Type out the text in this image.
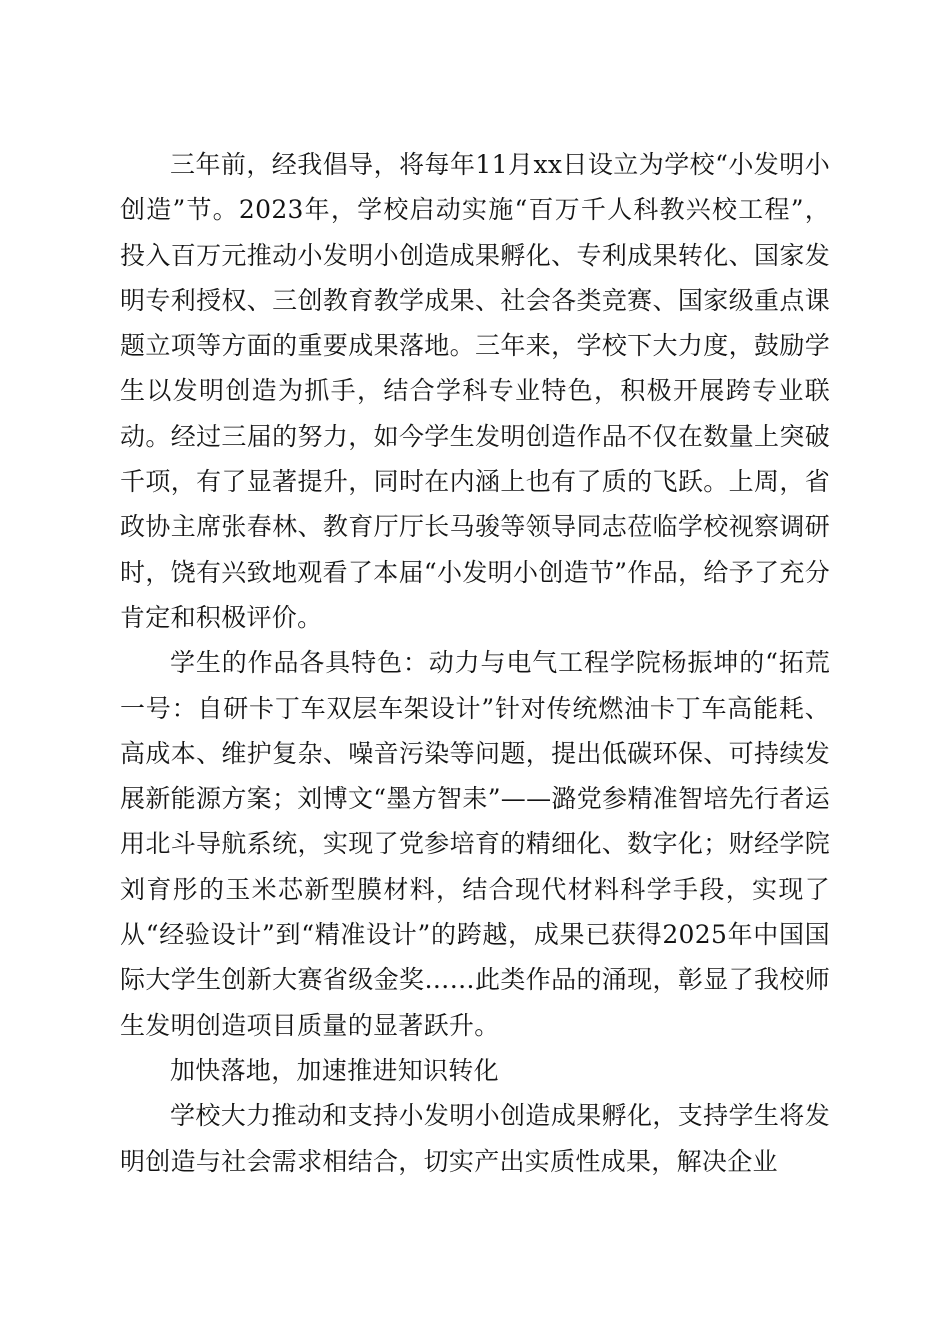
三年前，经我倡导，将每年11月xx日设立为学校“小发明小创造”节。2023年，学校启动实施“百万千人科教兴校工程”，投入百万元推动小发明小创造成果孵化、专利成果转化、国家发明专利授权、三创教育教学成果、社会各类竞赛、国家级重点课题立项等方面的重要成果落地。三年来，学校下大力度，鼓励学生以发明创造为抓手，结合学科专业特色，积极开展跨专业联动。经过三届的努力，如今学生发明创造作品不仅在数量上突破千项，有了显著提升，同时在内涵上也有了质的飞跃。上周，省政协主席张春林、教育厅厅长马骏等领导同志莅临学校视察调研时，饶有兴致地观看了本届“小发明小创造节”作品，给予了充分肯定和积极评价。

学生的作品各具特色：动力与电气工程学院杨振坤的“拓荒一号：自研卡丁车双层车架设计”针对传统燃油卡丁车高能耗、高成本、维护复杂、噪音污染等问题，提出低碳环保、可持续发展新能源方案；刘博文“墨方智耒”——潞党参精准智培先行者运用北斗导航系统，实现了党参培育的精细化、数字化；财经学院刘育彤的玉米芯新型膜材料，结合现代材料科学手段，实现了从“经验设计”到“精准设计”的跨越，成果已获得2025年中国国际大学生创新大赛省级金奖……此类作品的涌现，彰显了我校师生发明创造项目质量的显著跃升。

加快落地，加速推进知识转化

学校大力推动和支持小发明小创造成果孵化，支持学生将发明创造与社会需求相结合，切实产出实质性成果，解决企业
